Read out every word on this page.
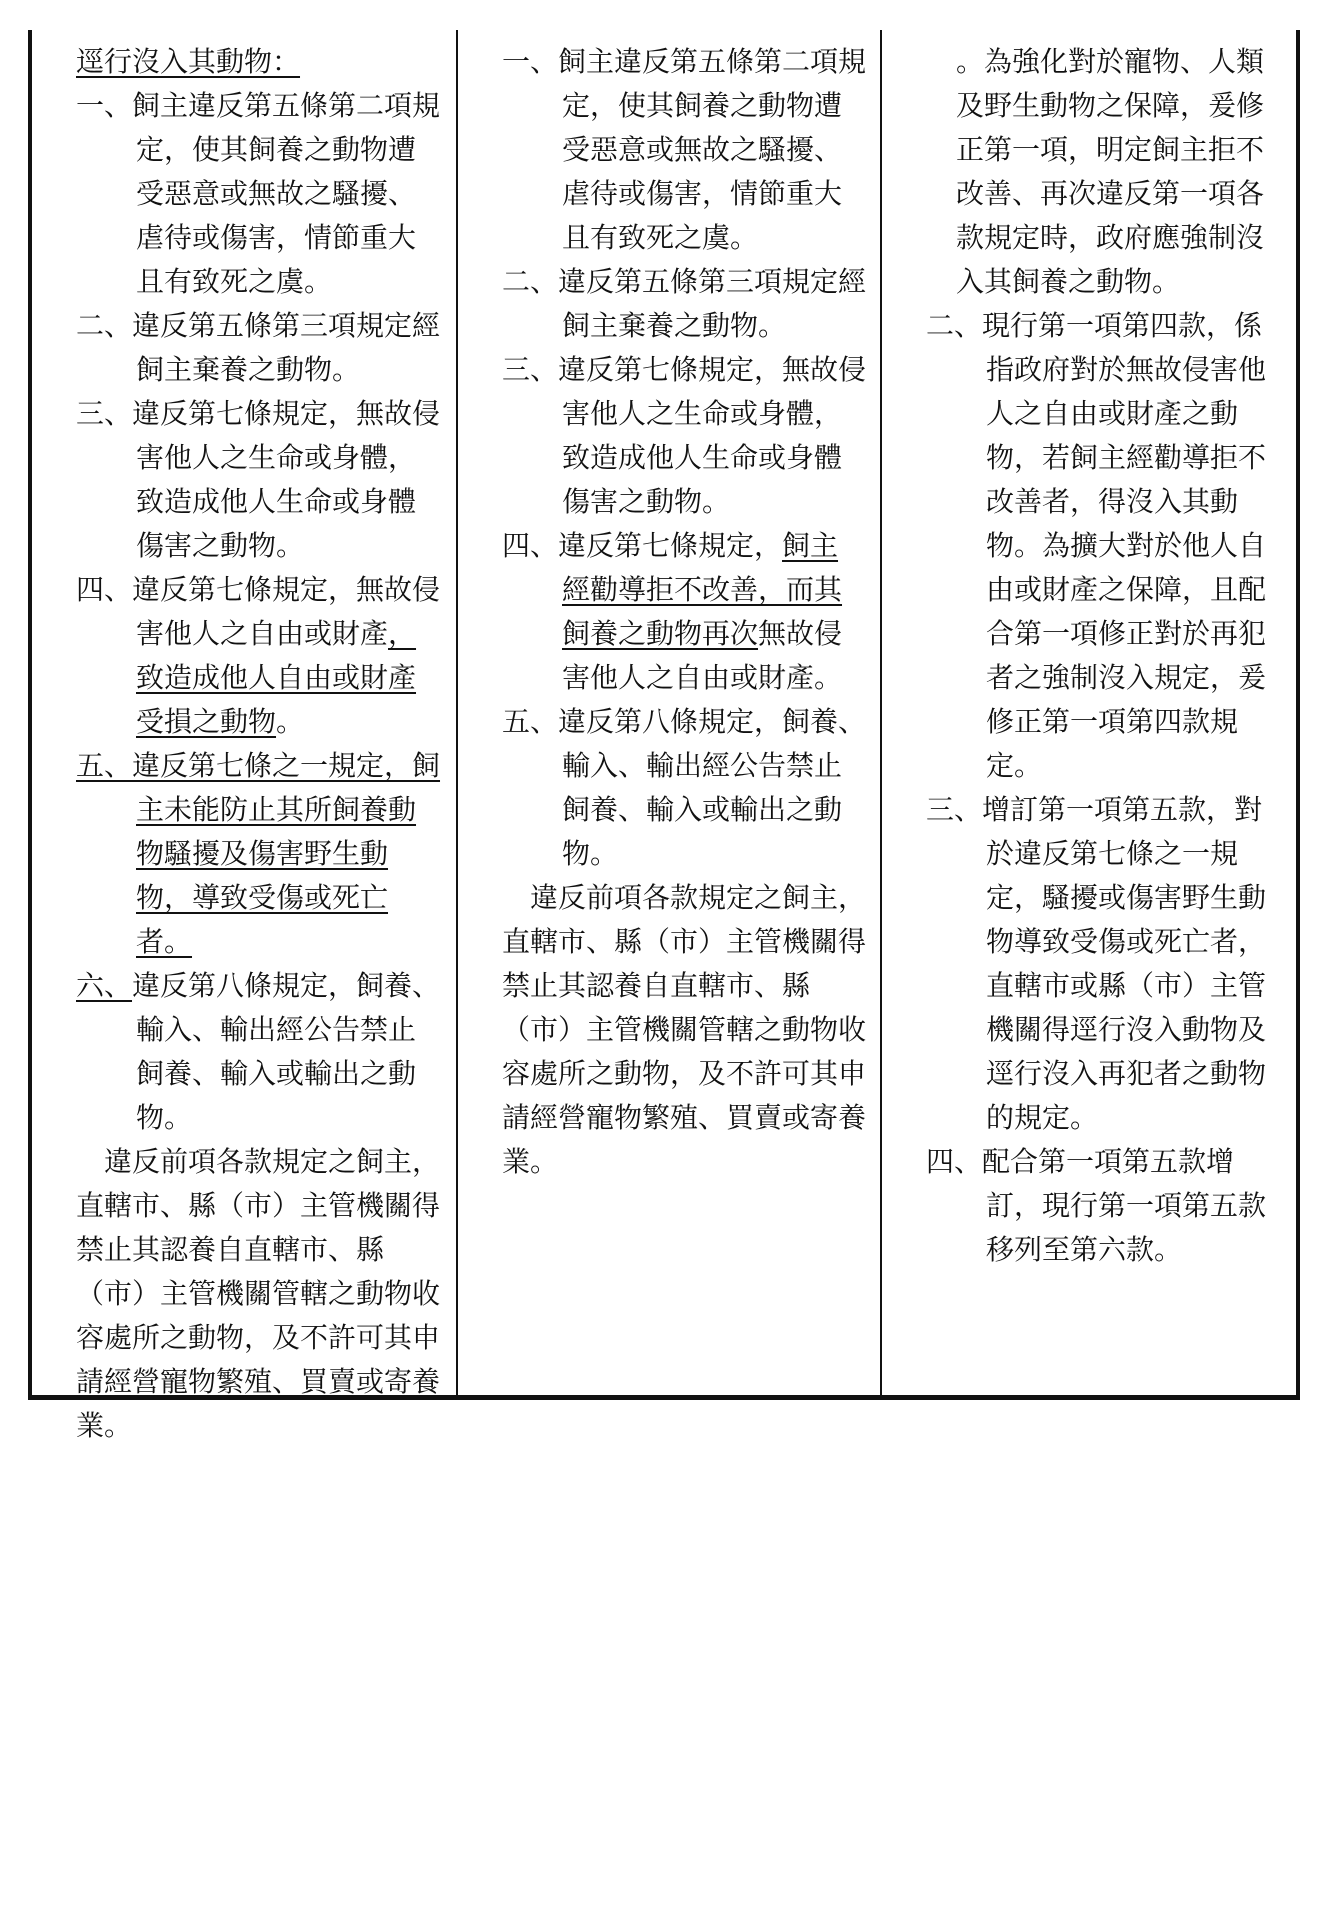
逕行沒入其動物：

一、飼主違反第五條第二項規定，使其飼養之動物遭受惡意或無故之騷擾、虐待或傷害，情節重大且有致死之虞。

二、違反第五條第三項規定經飼主棄養之動物。

三、違反第七條規定，無故侵害他人之生命或身體，致造成他人生命或身體傷害之動物。

四、違反第七條規定，無故侵害他人之自由或財產，致造成他人自由或財產受損之動物。

五、違反第七條之一規定，飼主未能防止其所飼養動物騷擾及傷害野生動物，導致受傷或死亡者。

六、違反第八條規定，飼養、輸入、輸出經公告禁止飼養、輸入或輸出之動物。

違反前項各款規定之飼主，直轄市、縣（市）主管機關得禁止其認養自直轄市、縣（市）主管機關管轄之動物收容處所之動物，及不許可其申請經營寵物繁殖、買賣或寄養業。

一、飼主違反第五條第二項規定，使其飼養之動物遭受惡意或無故之騷擾、虐待或傷害，情節重大且有致死之虞。

二、違反第五條第三項規定經飼主棄養之動物。

三、違反第七條規定，無故侵害他人之生命或身體，致造成他人生命或身體傷害之動物。

四、違反第七條規定，飼主經勸導拒不改善，而其飼養之動物再次無故侵害他人之自由或財產。

五、違反第八條規定，飼養、輸入、輸出經公告禁止飼養、輸入或輸出之動物。

違反前項各款規定之飼主，直轄市、縣（市）主管機關得禁止其認養自直轄市、縣（市）主管機關管轄之動物收容處所之動物，及不許可其申請經營寵物繁殖、買賣或寄養業。

。為強化對於寵物、人類及野生動物之保障，爰修正第一項，明定飼主拒不改善、再次違反第一項各款規定時，政府應強制沒入其飼養之動物。

二、現行第一項第四款，係指政府對於無故侵害他人之自由或財產之動物，若飼主經勸導拒不改善者，得沒入其動物。為擴大對於他人自由或財產之保障，且配合第一項修正對於再犯者之強制沒入規定，爰修正第一項第四款規定。

三、增訂第一項第五款，對於違反第七條之一規定，騷擾或傷害野生動物導致受傷或死亡者，直轄市或縣（市）主管機關得逕行沒入動物及逕行沒入再犯者之動物的規定。

四、配合第一項第五款增訂，現行第一項第五款移列至第六款。
